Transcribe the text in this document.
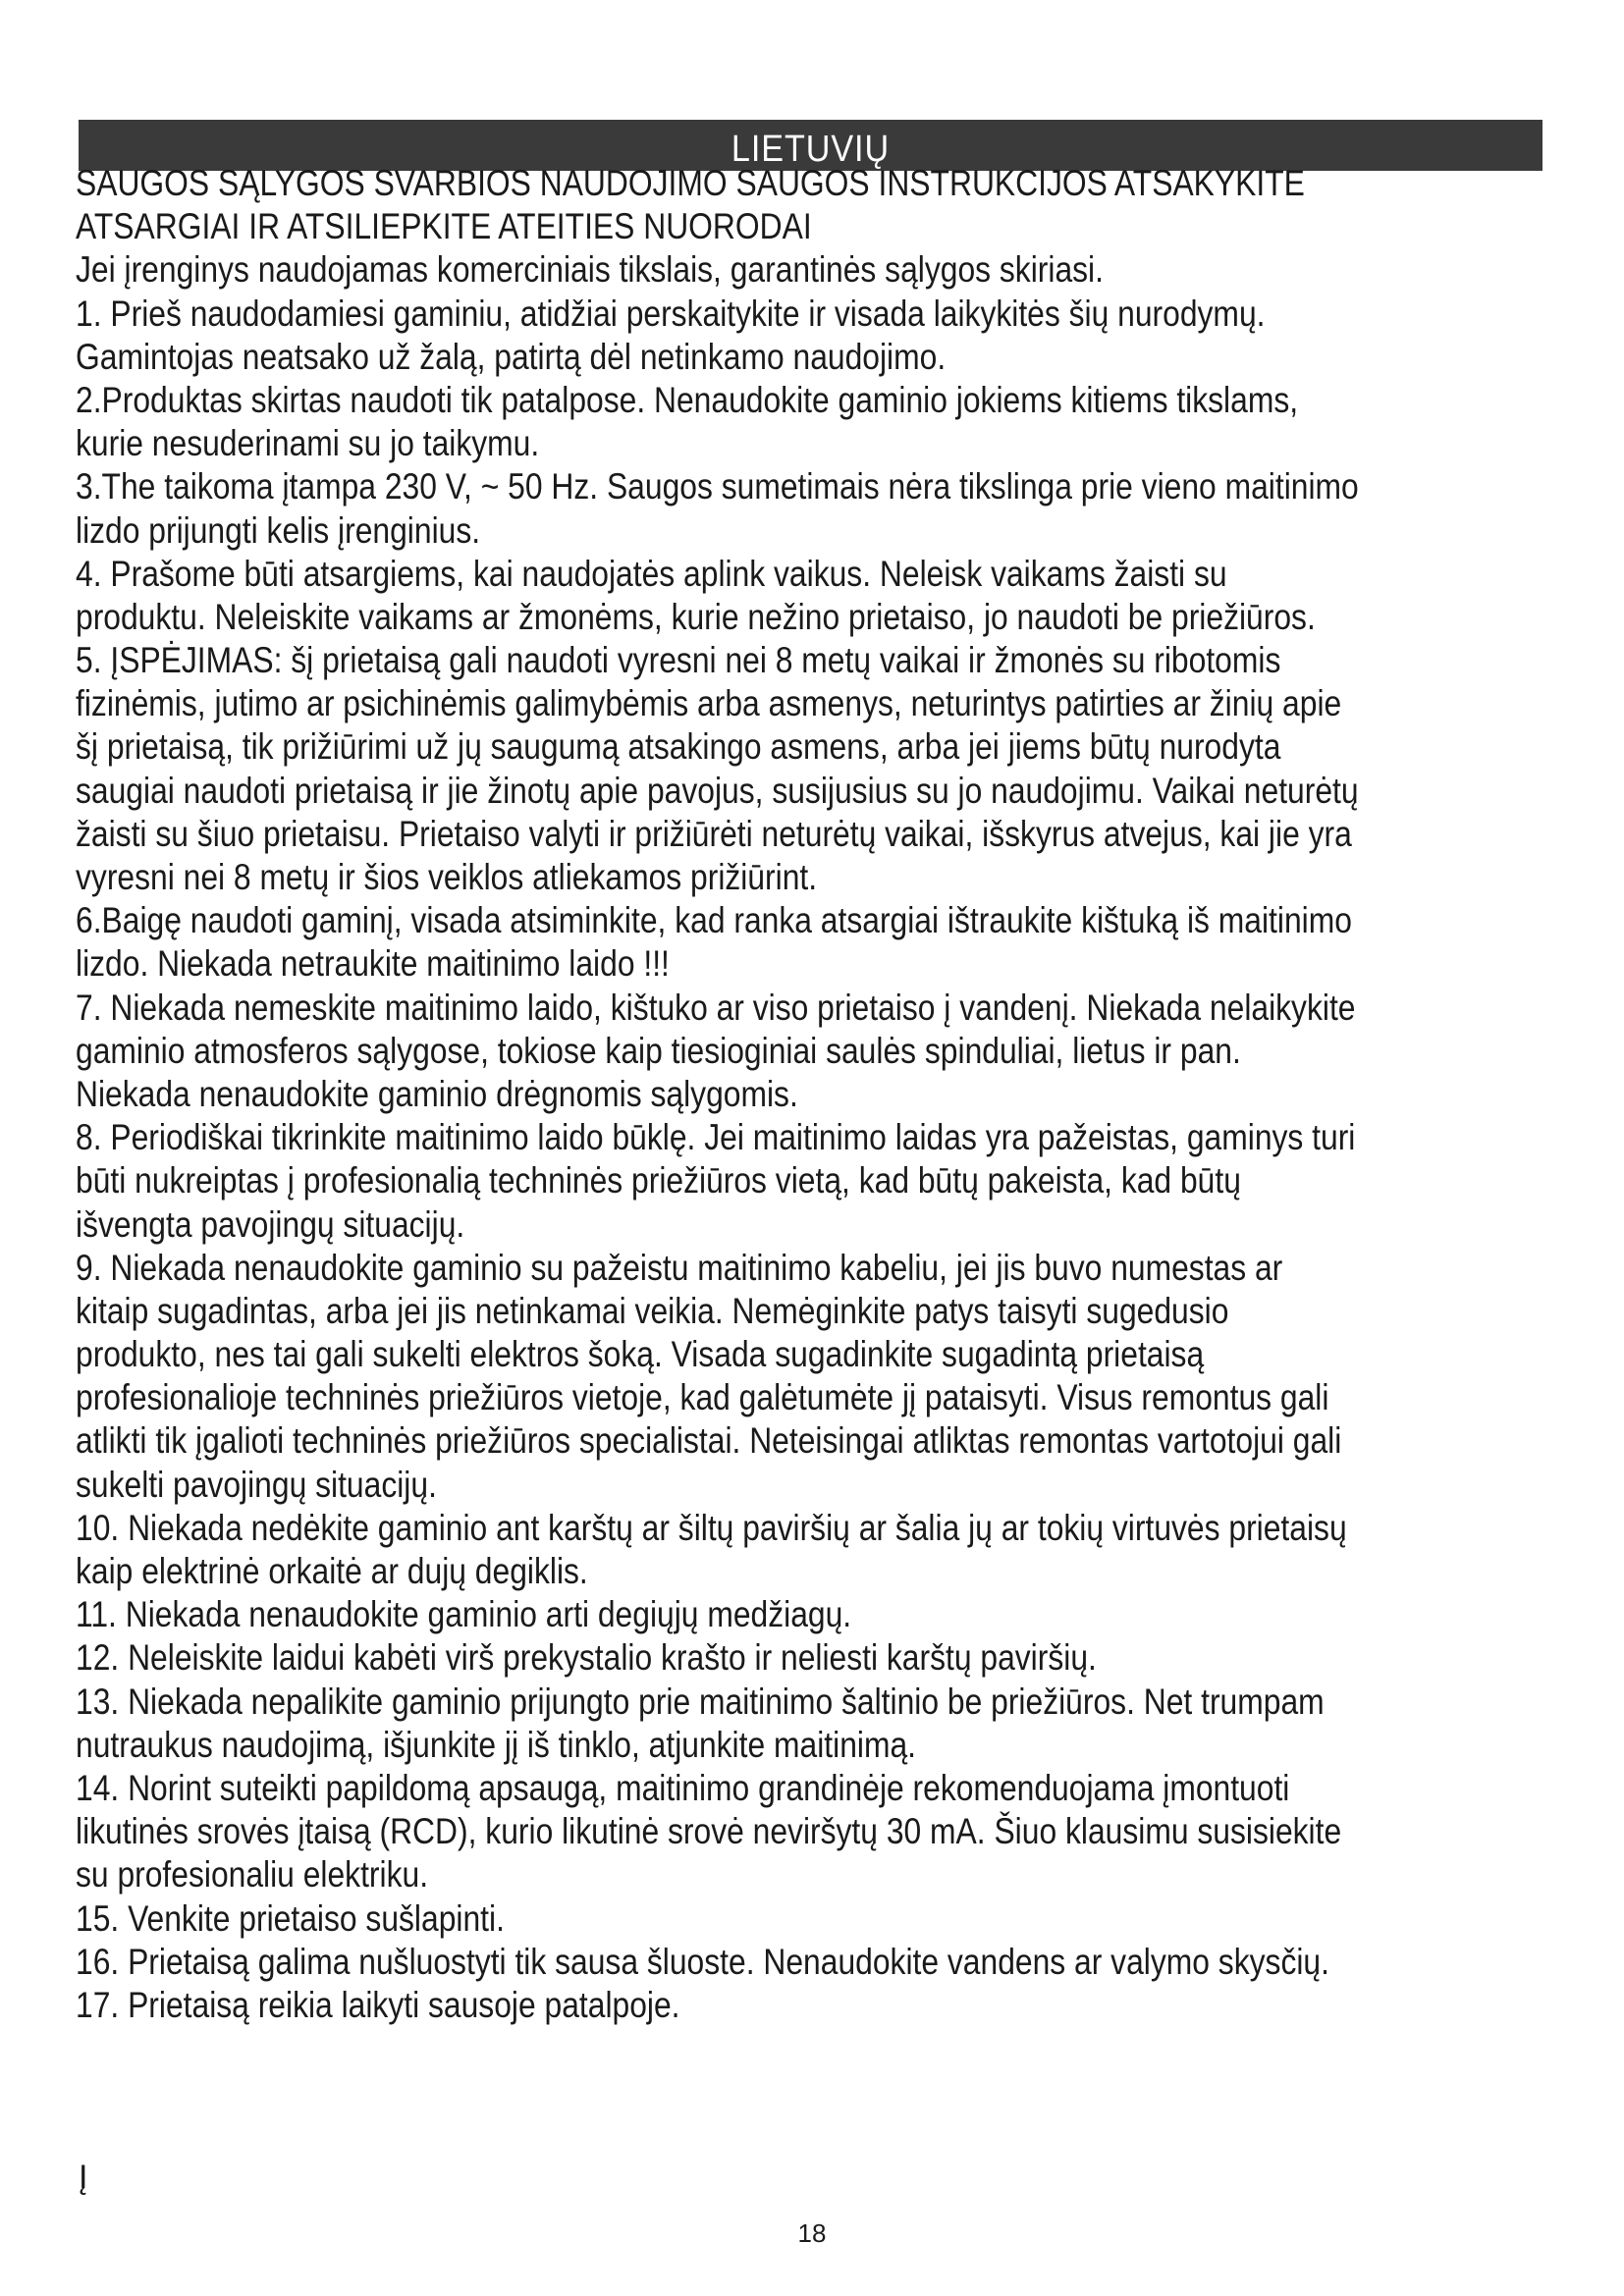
LIETUVIŲ
SAUGOS SĄLYGOS SVARBIOS NAUDOJIMO SAUGOS INSTRUKCIJOS ATSAKYKITE
ATSARGIAI IR ATSILIEPKITE ATEITIES NUORODAI
Jei įrenginys naudojamas komerciniais tikslais, garantinės sąlygos skiriasi.
1. Prieš naudodamiesi gaminiu, atidžiai perskaitykite ir visada laikykitės šių nurodymų.
Gamintojas neatsako už žalą, patirtą dėl netinkamo naudojimo.
2.Produktas skirtas naudoti tik patalpose. Nenaudokite gaminio jokiems kitiems tikslams,
kurie nesuderinami su jo taikymu.
3.The taikoma įtampa 230 V, ~ 50 Hz. Saugos sumetimais nėra tikslinga prie vieno maitinimo
lizdo prijungti kelis įrenginius.
4. Prašome būti atsargiems, kai naudojatės aplink vaikus. Neleisk vaikams žaisti su
produktu. Neleiskite vaikams ar žmonėms, kurie nežino prietaiso, jo naudoti be priežiūros.
5. ĮSPĖJIMAS: šį prietaisą gali naudoti vyresni nei 8 metų vaikai ir žmonės su ribotomis
fizinėmis, jutimo ar psichinėmis galimybėmis arba asmenys, neturintys patirties ar žinių apie
šį prietaisą, tik prižiūrimi už jų saugumą atsakingo asmens, arba jei jiems būtų nurodyta
saugiai naudoti prietaisą ir jie žinotų apie pavojus, susijusius su jo naudojimu. Vaikai neturėtų
žaisti su šiuo prietaisu. Prietaiso valyti ir prižiūrėti neturėtų vaikai, išskyrus atvejus, kai jie yra
vyresni nei 8 metų ir šios veiklos atliekamos prižiūrint.
6.Baigę naudoti gaminį, visada atsiminkite, kad ranka atsargiai ištraukite kištuką iš maitinimo
lizdo. Niekada netraukite maitinimo laido !!!
7. Niekada nemeskite maitinimo laido, kištuko ar viso prietaiso į vandenį. Niekada nelaikykite
gaminio atmosferos sąlygose, tokiose kaip tiesioginiai saulės spinduliai, lietus ir pan.
Niekada nenaudokite gaminio drėgnomis sąlygomis.
8. Periodiškai tikrinkite maitinimo laido būklę. Jei maitinimo laidas yra pažeistas, gaminys turi
būti nukreiptas į profesionalią techninės priežiūros vietą, kad būtų pakeista, kad būtų
išvengta pavojingų situacijų.
9. Niekada nenaudokite gaminio su pažeistu maitinimo kabeliu, jei jis buvo numestas ar
kitaip sugadintas, arba jei jis netinkamai veikia. Nemėginkite patys taisyti sugedusio
produkto, nes tai gali sukelti elektros šoką. Visada sugadinkite sugadintą prietaisą
profesionalioje techninės priežiūros vietoje, kad galėtumėte jį pataisyti. Visus remontus gali
atlikti tik įgalioti techninės priežiūros specialistai. Neteisingai atliktas remontas vartotojui gali
sukelti pavojingų situacijų.
10. Niekada nedėkite gaminio ant karštų ar šiltų paviršių ar šalia jų ar tokių virtuvės prietaisų
kaip elektrinė orkaitė ar dujų degiklis.
11. Niekada nenaudokite gaminio arti degiųjų medžiagų.
12. Neleiskite laidui kabėti virš prekystalio krašto ir neliesti karštų paviršių.
13. Niekada nepalikite gaminio prijungto prie maitinimo šaltinio be priežiūros. Net trumpam
nutraukus naudojimą, išjunkite jį iš tinklo, atjunkite maitinimą.
14. Norint suteikti papildomą apsaugą, maitinimo grandinėje rekomenduojama įmontuoti
likutinės srovės įtaisą (RCD), kurio likutinė srovė neviršytų 30 mA. Šiuo klausimu susisiekite
su profesionaliu elektriku.
15. Venkite prietaiso sušlapinti.
16. Prietaisą galima nušluostyti tik sausa šluoste. Nenaudokite vandens ar valymo skysčių.
17. Prietaisą reikia laikyti sausoje patalpoje.
Į
18
